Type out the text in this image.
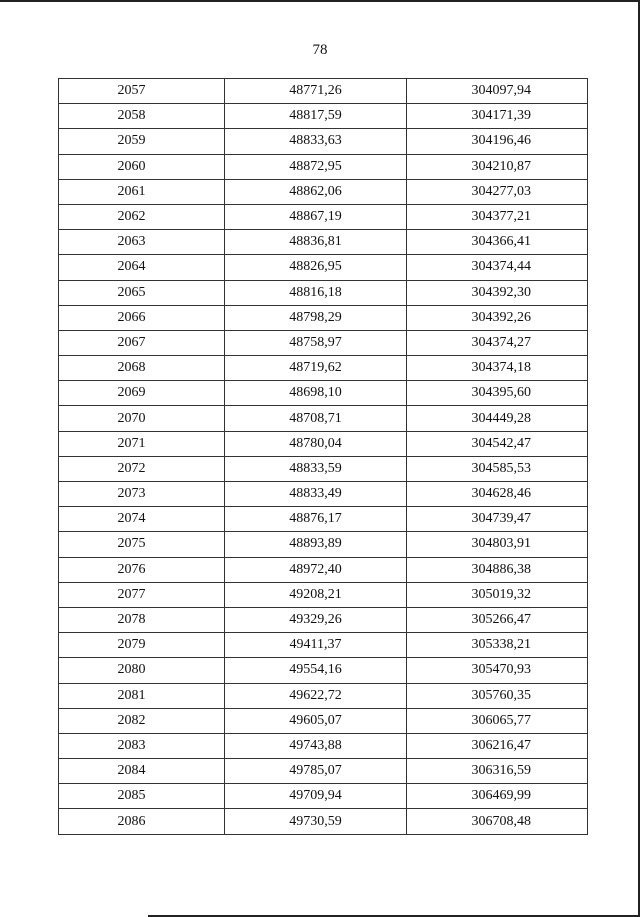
78
2057	48771,26	304097,94
2058	48817,59	304171,39
2059	48833,63	304196,46
2060	48872,95	304210,87
2061	48862,06	304277,03
2062	48867,19	304377,21
2063	48836,81	304366,41
2064	48826,95	304374,44
2065	48816,18	304392,30
2066	48798,29	304392,26
2067	48758,97	304374,27
2068	48719,62	304374,18
2069	48698,10	304395,60
2070	48708,71	304449,28
2071	48780,04	304542,47
2072	48833,59	304585,53
2073	48833,49	304628,46
2074	48876,17	304739,47
2075	48893,89	304803,91
2076	48972,40	304886,38
2077	49208,21	305019,32
2078	49329,26	305266,47
2079	49411,37	305338,21
2080	49554,16	305470,93
2081	49622,72	305760,35
2082	49605,07	306065,77
2083	49743,88	306216,47
2084	49785,07	306316,59
2085	49709,94	306469,99
2086	49730,59	306708,48
